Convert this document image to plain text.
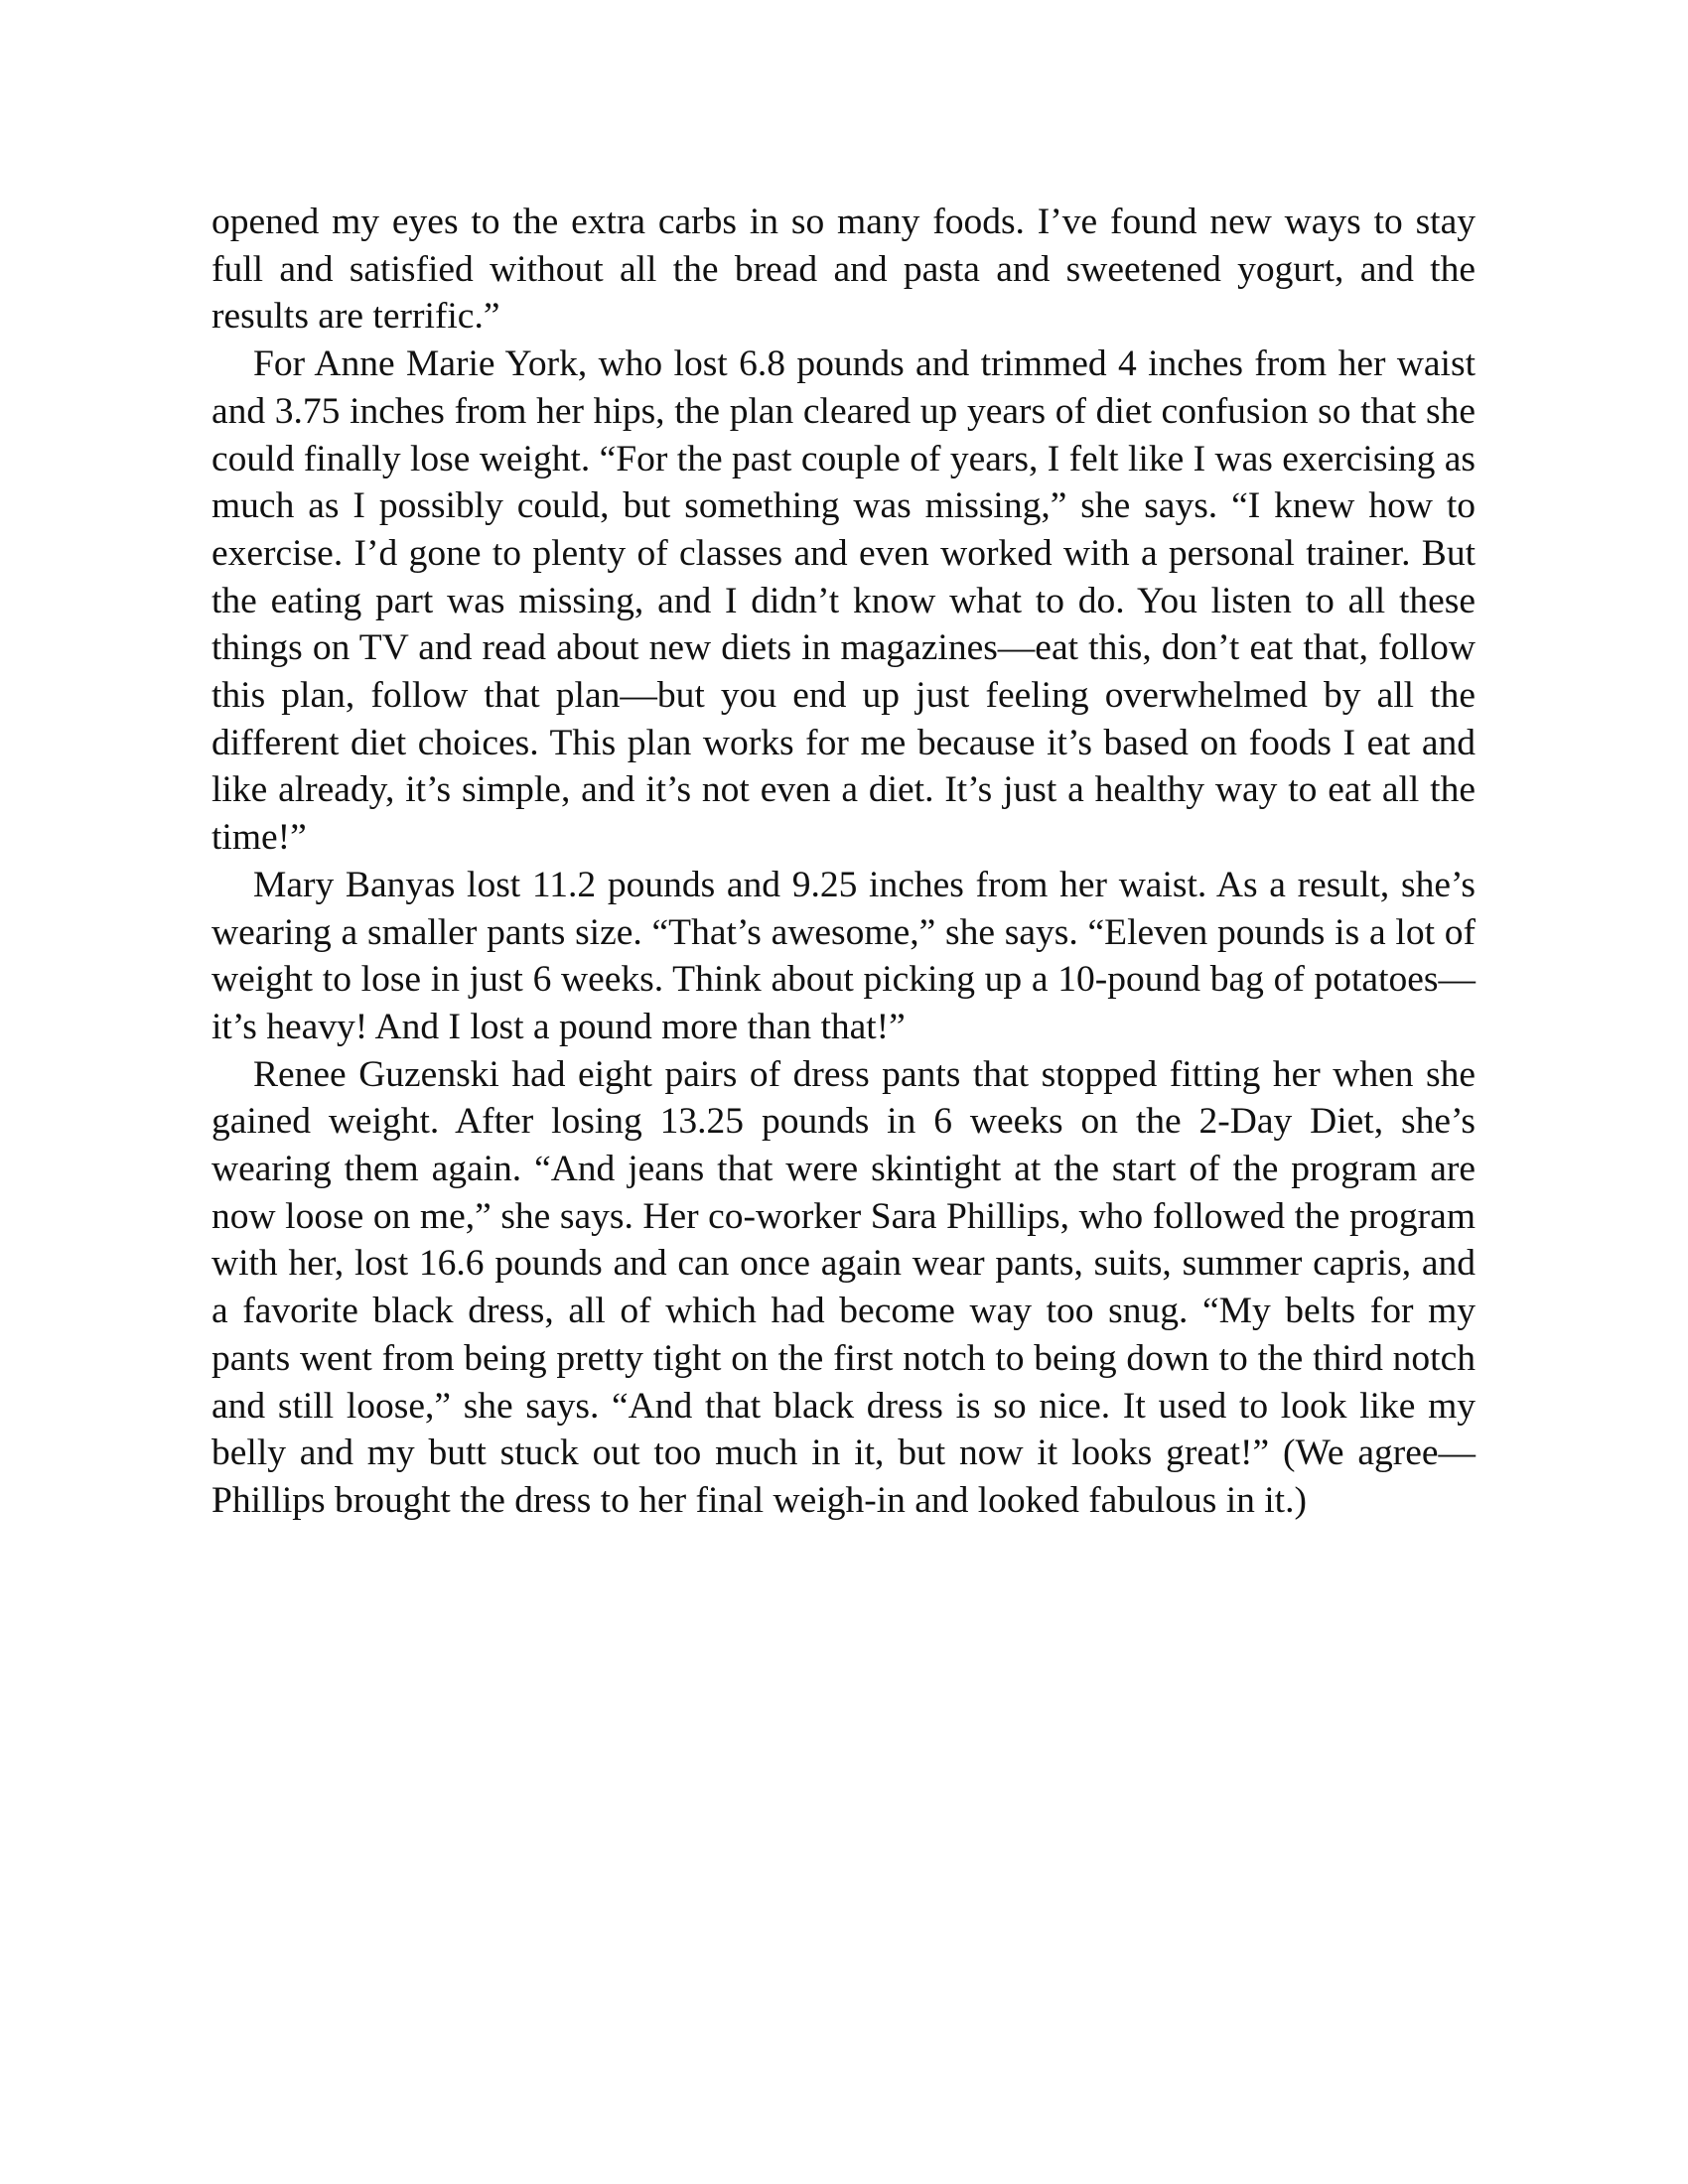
opened my eyes to the extra carbs in so many foods. I’ve found new ways to stay full and satisfied without all the bread and pasta and sweetened yogurt, and the results are terrific.”

For Anne Marie York, who lost 6.8 pounds and trimmed 4 inches from her waist and 3.75 inches from her hips, the plan cleared up years of diet confusion so that she could finally lose weight. “For the past couple of years, I felt like I was exercising as much as I possibly could, but something was missing,” she says. “I knew how to exercise. I’d gone to plenty of classes and even worked with a personal trainer. But the eating part was missing, and I didn’t know what to do. You listen to all these things on TV and read about new diets in magazines—eat this, don’t eat that, follow this plan, follow that plan—but you end up just feeling overwhelmed by all the different diet choices. This plan works for me because it’s based on foods I eat and like already, it’s simple, and it’s not even a diet. It’s just a healthy way to eat all the time!”

Mary Banyas lost 11.2 pounds and 9.25 inches from her waist. As a result, she’s wearing a smaller pants size. “That’s awesome,” she says. “Eleven pounds is a lot of weight to lose in just 6 weeks. Think about picking up a 10-pound bag of potatoes—it’s heavy! And I lost a pound more than that!”

Renee Guzenski had eight pairs of dress pants that stopped fitting her when she gained weight. After losing 13.25 pounds in 6 weeks on the 2-Day Diet, she’s wearing them again. “And jeans that were skintight at the start of the program are now loose on me,” she says. Her co-worker Sara Phillips, who followed the program with her, lost 16.6 pounds and can once again wear pants, suits, summer capris, and a favorite black dress, all of which had become way too snug. “My belts for my pants went from being pretty tight on the first notch to being down to the third notch and still loose,” she says. “And that black dress is so nice. It used to look like my belly and my butt stuck out too much in it, but now it looks great!” (We agree—Phillips brought the dress to her final weigh-in and looked fabulous in it.)
